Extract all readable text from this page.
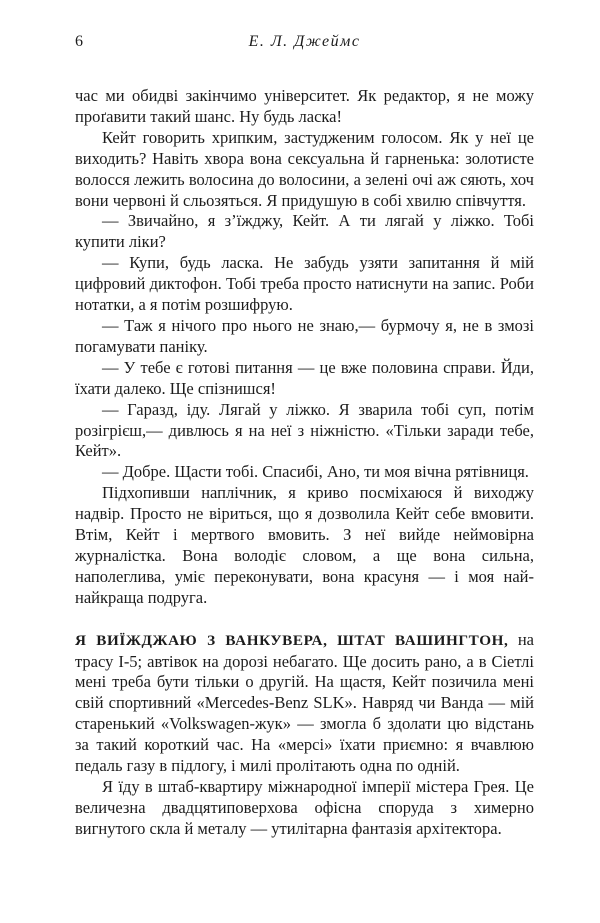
6	Е. Л. Джеймс

час ми обидві закінчимо університет. Як редактор, я не можу проґавити такий шанс. Ну будь ласка!

Кейт говорить хрипким, застудженим голосом. Як у неї це виходить? Навіть хвора вона сексуальна й гарненька: золотисте волосся лежить волосина до волосини, а зелені очі аж сяють, хоч вони червоні й сльозяться. Я придушую в собі хвилю співчуття.

— Звичайно, я з’їжджу, Кейт. А ти лягай у ліжко. Тобі купити ліки?

— Купи, будь ласка. Не забудь узяти запитання й мій цифровий диктофон. Тобі треба просто натиснути на запис. Роби нотатки, а я потім розшифрую.

— Таж я нічого про нього не знаю,— бурмочу я, не в змозі погамувати паніку.

— У тебе є готові питання — це вже половина справи. Йди, їхати далеко. Ще спізнишся!

— Гаразд, іду. Лягай у ліжко. Я зварила тобі суп, потім розігрієш,— дивлюсь я на неї з ніжністю. «Тільки заради тебе, Кейт».

— Добре. Щасти тобі. Спасибі, Ано, ти моя вічна рятівниця.

Підхопивши наплічник, я криво посміхаюся й виходжу надвір. Просто не віриться, що я дозволила Кейт себе вмовити. Втім, Кейт і мертвого вмовить. З неї вийде неймовірна журналістка. Вона володіє словом, а ще вона сильна, наполеглива, уміє переконувати, вона красуня — і моя най-найкраща подруга.

Я ВИЇЖДЖАЮ З ВАНКУВЕРА, ШТАТ ВАШИНГТОН, на трасу І-5; автівок на дорозі небагато. Ще досить рано, а в Сіетлі мені треба бути тільки о другій. На щастя, Кейт позичила мені свій спортивний «Mercedes-Benz SLK». Навряд чи Ванда — мій старенький «Volkswagen-жук» — змогла б здолати цю відстань за такий короткий час. На «мерсі» їхати приємно: я вчавлюю педаль газу в підлогу, і милі пролітають одна по одній.

Я їду в штаб-квартиру міжнародної імперії містера Грея. Це величезна двадцятиповерхова офісна споруда з химерно вигнутого скла й металу — утилітарна фантазія архітектора.
